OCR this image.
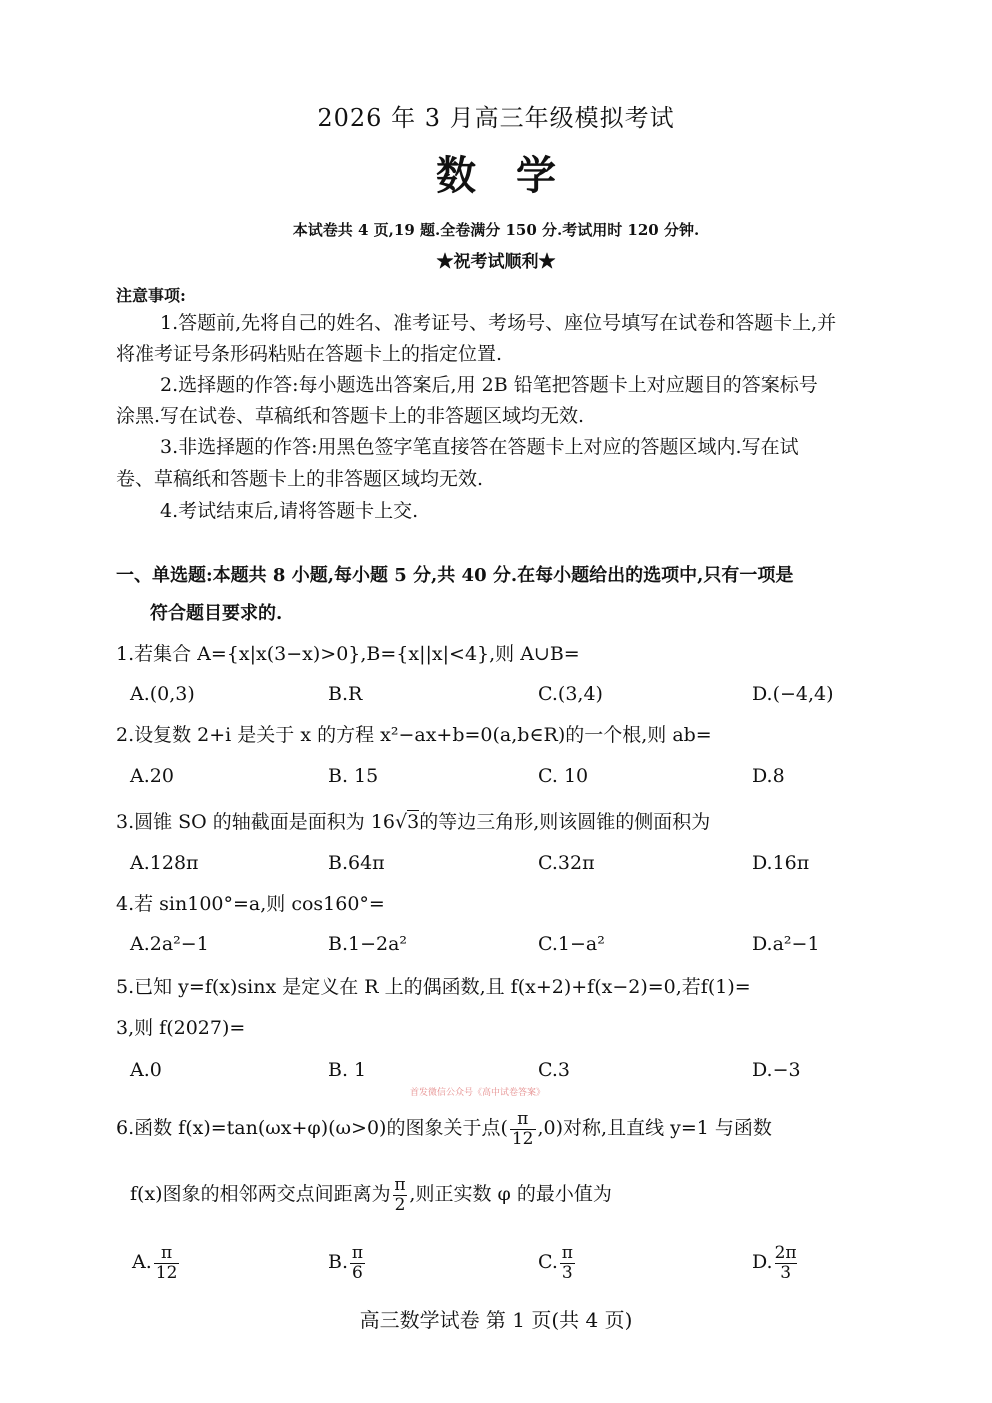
2026 年 3 月高三年级模拟考试
数学
本试卷共 4 页,19 题.全卷满分 150 分.考试用时 120 分钟.
★祝考试顺利★
注意事项:
1.答题前,先将自己的姓名、准考证号、考场号、座位号填写在试卷和答题卡上,并
将准考证号条形码粘贴在答题卡上的指定位置.
2.选择题的作答:每小题选出答案后,用 2B 铅笔把答题卡上对应题目的答案标号
涂黑.写在试卷、草稿纸和答题卡上的非答题区域均无效.
3.非选择题的作答:用黑色签字笔直接答在答题卡上对应的答题区域内.写在试
卷、草稿纸和答题卡上的非答题区域均无效.
4.考试结束后,请将答题卡上交.
一、单选题:本题共 8 小题,每小题 5 分,共 40 分.在每小题给出的选项中,只有一项是
符合题目要求的.
1.若集合 A={x|x(3−x)>0},B={x||x|<4},则 A∪B=
A.(0,3)	B.R	C.(3,4)	D.(−4,4)
2.设复数 2+i 是关于 x 的方程 x²−ax+b=0(a,b∈R)的一个根,则 ab=
A.20	B. 15	C. 10	D.8
3.圆锥 SO 的轴截面是面积为 16√3的等边三角形,则该圆锥的侧面积为
A.128π	B.64π	C.32π	D.16π
4.若 sin100°=a,则 cos160°=
A.2a²−1	B.1−2a²	C.1−a²	D.a²−1
5.已知 y=f(x)sinx 是定义在 R 上的偶函数,且 f(x+2)+f(x−2)=0,若f(1)=
3,则 f(2027)=
A.0	B. 1	C.3	D.−3
首发微信公众号《高中试卷答案》
6.函数 f(x)=tan(ωx+φ)(ω>0)的图象关于点( $\frac{\pi}{12} ,0$)对称,且直线 y=1 与函数
f(x)图象的相邻两交点间距离为 $\frac{\pi}{2}$ ,则正实数 φ 的最小值为
A. $\frac{\pi}{12}$	B. $\frac{\pi}{6}$	C. $\frac{\pi}{3}$	D. $\frac{2\pi}{3}$
高三数学试卷 第 1 页(共 4 页)
